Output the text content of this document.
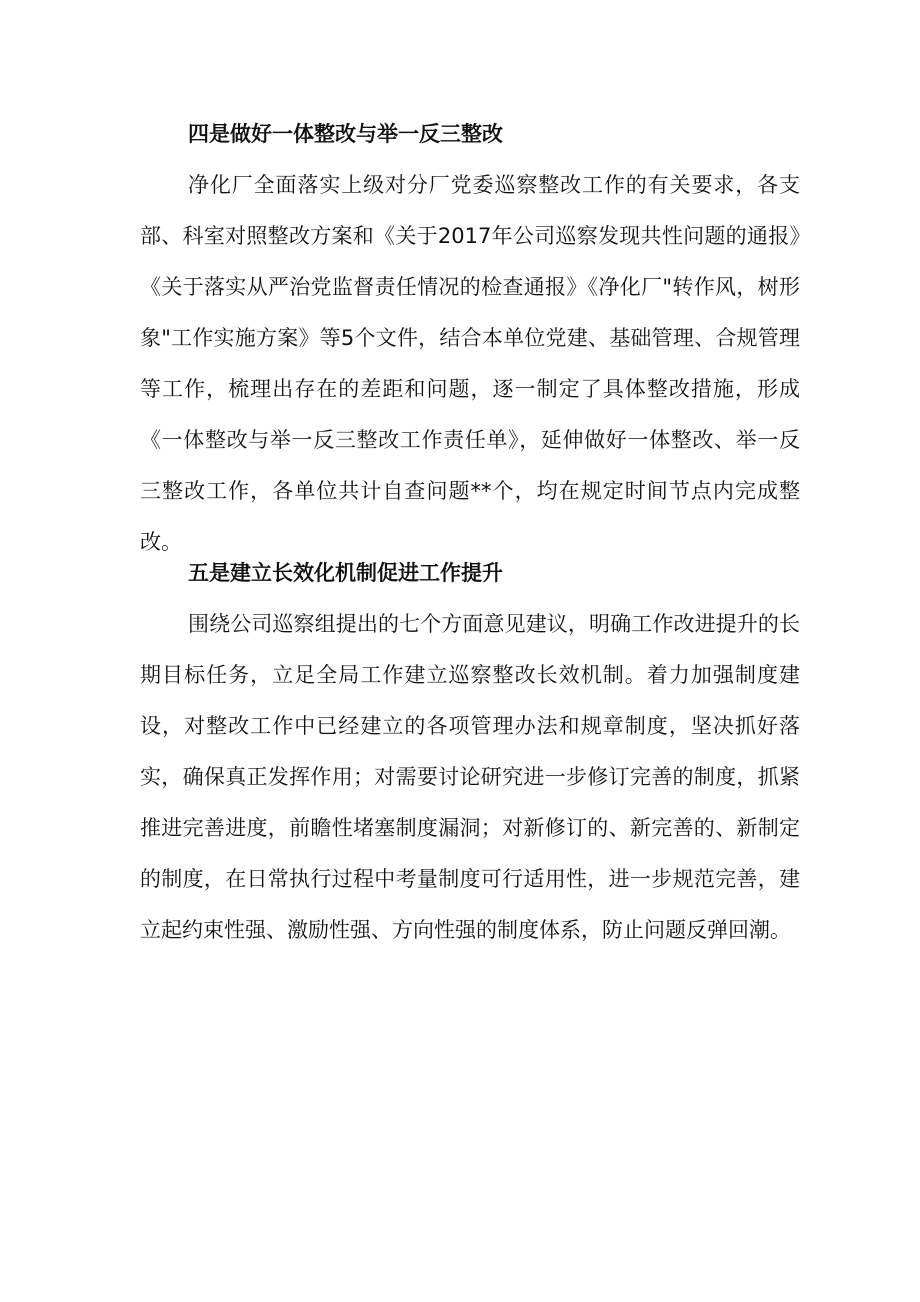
四是做好一体整改与举一反三整改

净化厂全面落实上级对分厂党委巡察整改工作的有关要求，各支部、科室对照整改方案和《关于2017年公司巡察发现共性问题的通报》《关于落实从严治党监督责任情况的检查通报》《净化厂"转作风，树形象"工作实施方案》等5个文件，结合本单位党建、基础管理、合规管理等工作，梳理出存在的差距和问题，逐一制定了具体整改措施，形成《一体整改与举一反三整改工作责任单》，延伸做好一体整改、举一反三整改工作，各单位共计自查问题**个，均在规定时间节点内完成整改。

五是建立长效化机制促进工作提升

围绕公司巡察组提出的七个方面意见建议，明确工作改进提升的长期目标任务，立足全局工作建立巡察整改长效机制。着力加强制度建设，对整改工作中已经建立的各项管理办法和规章制度，坚决抓好落实，确保真正发挥作用；对需要讨论研究进一步修订完善的制度，抓紧推进完善进度，前瞻性堵塞制度漏洞；对新修订的、新完善的、新制定的制度，在日常执行过程中考量制度可行适用性，进一步规范完善，建立起约束性强、激励性强、方向性强的制度体系，防止问题反弹回潮。
